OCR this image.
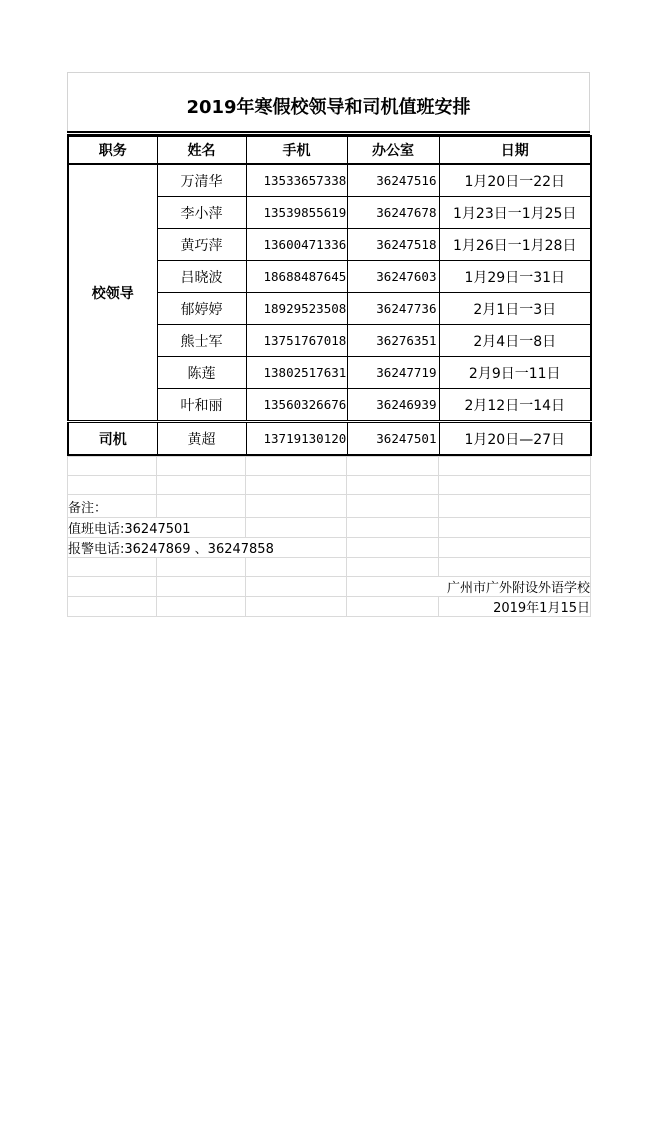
2019年寒假校领导和司机值班安排
职务	姓名	手机	办公室	日期
校领导	万清华	13533657338	36247516	1月20日一22日
	李小萍	13539855619	36247678	1月23日一1月25日
	黄巧萍	13600471336	36247518	1月26日一1月28日
	吕晓波	18688487645	36247603	1月29日一31日
	郁婷婷	18929523508	36247736	2月1日一3日
	熊士军	13751767018	36276351	2月4日一8日
	陈莲	13802517631	36247719	2月9日一11日
	叶和丽	13560326676	36246939	2月12日一14日
司机	黄超	13719130120	36247501	1月20日—27日

备注：				
值班电话:36247501				
报警电话:36247869 、36247858				

			广州市广外附设外语学校	
				2019年1月15日
